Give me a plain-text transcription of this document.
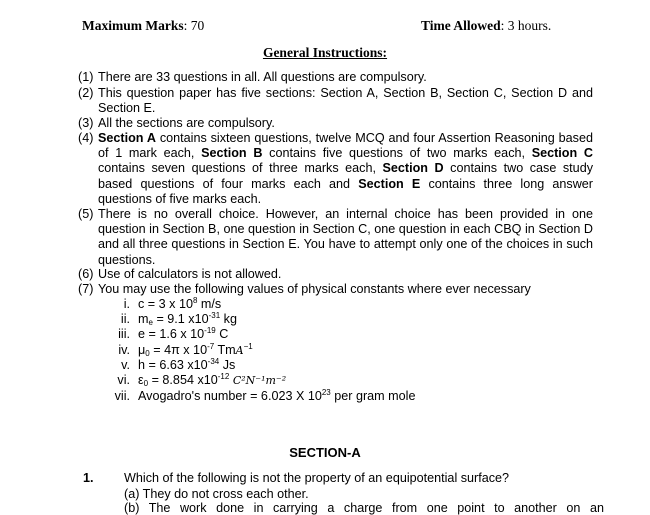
Maximum Marks: 70	Time Allowed: 3 hours.
General Instructions:
(1) There are 33 questions in all. All questions are compulsory.
(2) This question paper has five sections: Section A, Section B, Section C, Section D and Section E.
(3) All the sections are compulsory.
(4) Section A contains sixteen questions, twelve MCQ and four Assertion Reasoning based of 1 mark each, Section B contains five questions of two marks each, Section C contains seven questions of three marks each, Section D contains two case study based questions of four marks each and Section E contains three long answer questions of five marks each.
(5) There is no overall choice. However, an internal choice has been provided in one question in Section B, one question in Section C, one question in each CBQ in Section D and all three questions in Section E. You have to attempt only one of the choices in such questions.
(6) Use of calculators is not allowed.
(7) You may use the following values of physical constants where ever necessary
i. c = 3 x $10^8$ m/s
ii. $m_e = 9.1$ $x10^{-31}$ kg
iii. e = 1.6 x $10^{-19}$ C
iv. $\mu_0 = 4\pi$ x $10^{-7}$ TmA$^{-1}$
v. h = 6.63 $x10^{-34}$ Js
vi. $\varepsilon_0 = 8.854$ $x10^{-12}$ C²N⁻¹m⁻²
vii. Avogadro's number = 6.023 X $10^{23}$ per gram mole
SECTION-A
1. Which of the following is not the property of an equipotential surface?
(a) They do not cross each other.
(b) The work done in carrying a charge from one point to another on an
